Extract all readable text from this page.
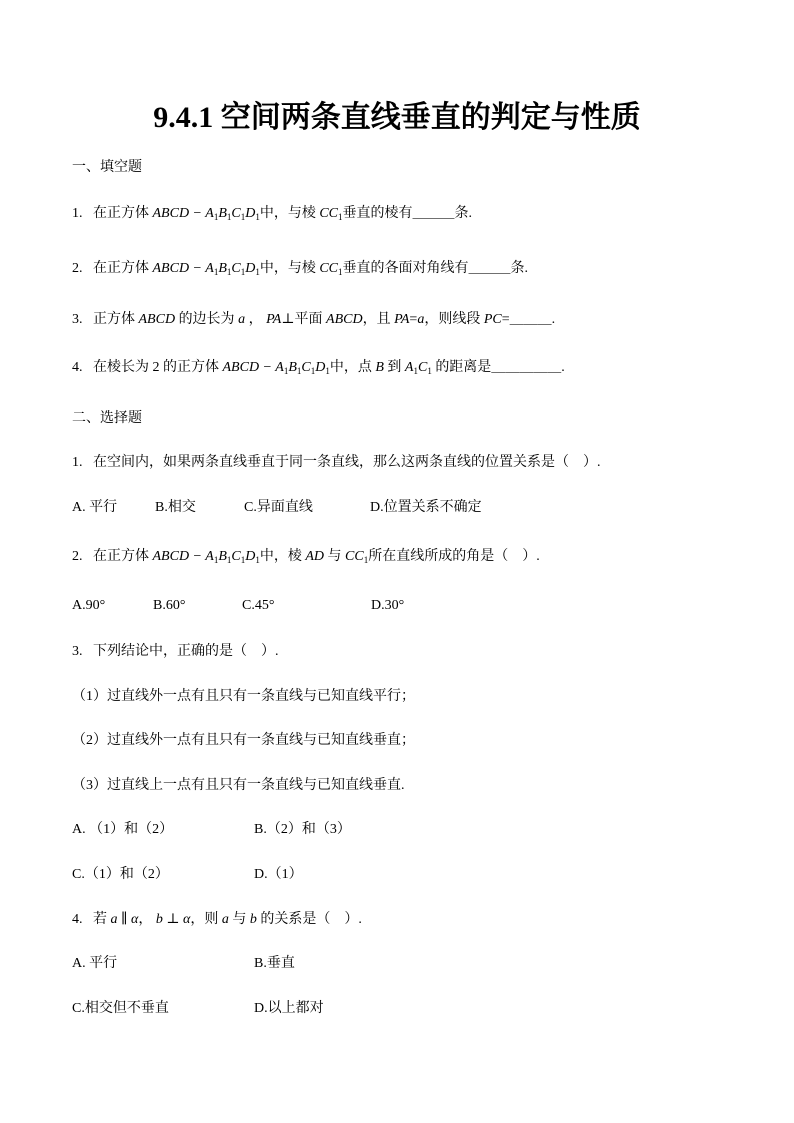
9.4.1 空间两条直线垂直的判定与性质
一、填空题
1. 在正方体 ABCD − $A_1B_1C_1D_1$中，与棱 $CC_1$垂直的棱有＿＿＿条.
2. 在正方体 ABCD − $A_1B_1C_1D_1$中，与棱 $CC_1$垂直的各面对角线有＿＿＿条.
3. 正方体 ABCD 的边长为 a ， PA⊥平面 ABCD，且 PA=a，则线段 PC=＿＿＿.
4. 在棱长为 2 的正方体 ABCD − $A_1B_1C_1D_1$中，点 B 到 $A_1C_1$ 的距离是＿＿＿＿＿.
二、选择题
1. 在空间内，如果两条直线垂直于同一条直线，那么这两条直线的位置关系是（　）.
A. 平行	B.相交	C.异面直线	D.位置关系不确定
2. 在正方体 ABCD − $A_1B_1C_1D_1$中，棱 AD 与 $CC_1$所在直线所成的角是（　）.
A.90°	B.60°	C.45°	D.30°
3. 下列结论中，正确的是（　）.
（1）过直线外一点有且只有一条直线与已知直线平行；
（2）过直线外一点有且只有一条直线与已知直线垂直；
（3）过直线上一点有且只有一条直线与已知直线垂直.
A. （1）和（2）	B.（2）和（3）
C.（1）和（2）	D.（1）
4. 若 a ∥ α， b ⊥ α，则 a 与 b 的关系是（　）.
A. 平行	B.垂直
C.相交但不垂直	D.以上都对
